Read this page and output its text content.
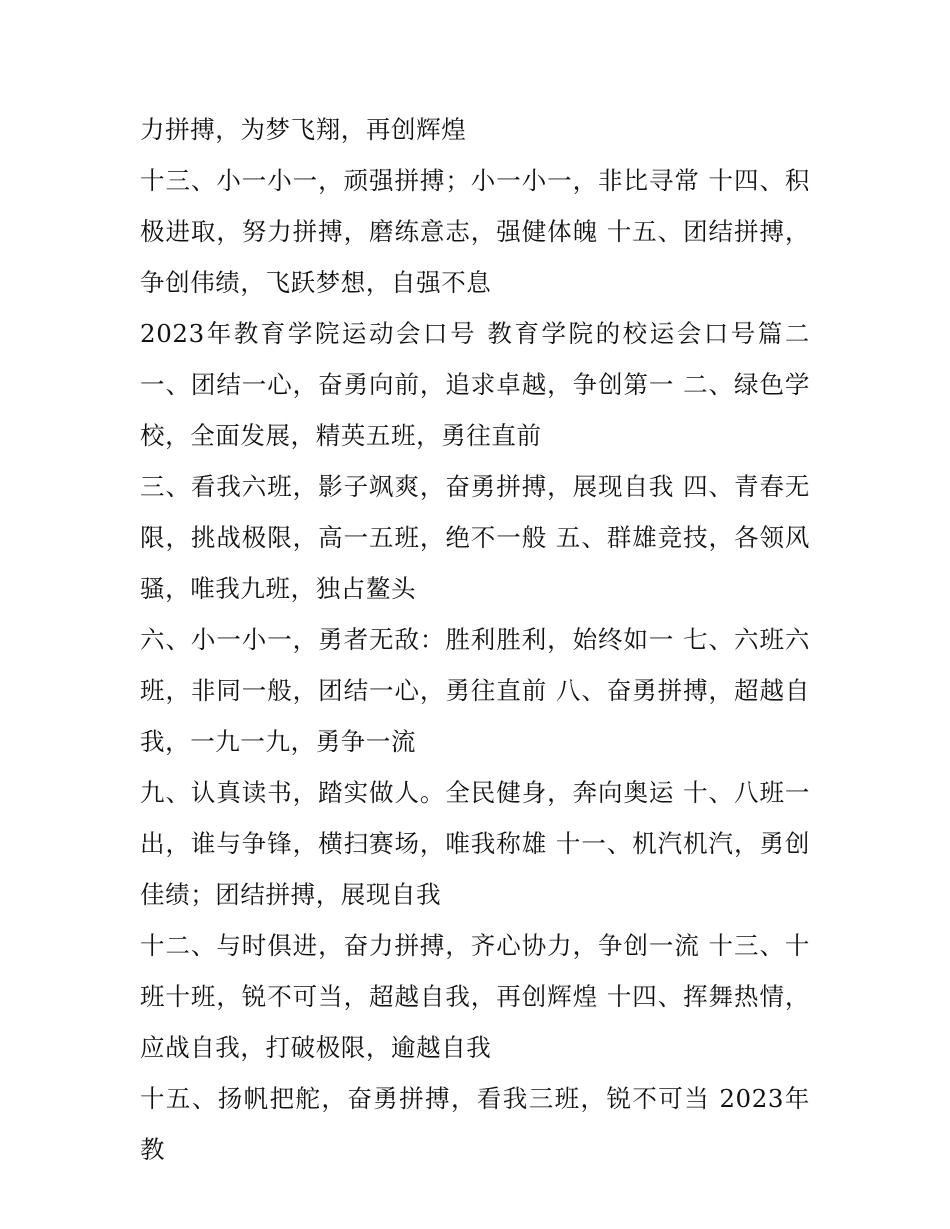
力拼搏，为梦飞翔，再创辉煌

十三、小一小一，顽强拼搏；小一小一，非比寻常 十四、积极进取，努力拼搏，磨练意志，强健体魄 十五、团结拼搏，争创伟绩，飞跃梦想，自强不息

2023年教育学院运动会口号 教育学院的校运会口号篇二 一、团结一心，奋勇向前，追求卓越，争创第一 二、绿色学校，全面发展，精英五班，勇往直前

三、看我六班，影子飒爽，奋勇拼搏，展现自我 四、青春无限，挑战极限，高一五班，绝不一般 五、群雄竞技，各领风骚，唯我九班，独占鳌头

六、小一小一，勇者无敌：胜利胜利，始终如一 七、六班六班，非同一般，团结一心，勇往直前 八、奋勇拼搏，超越自我，一九一九，勇争一流

九、认真读书，踏实做人。全民健身，奔向奥运 十、八班一出，谁与争锋，横扫赛场，唯我称雄 十一、机汽机汽，勇创佳绩；团结拼搏，展现自我

十二、与时俱进，奋力拼搏，齐心协力，争创一流 十三、十班十班，锐不可当，超越自我，再创辉煌 十四、挥舞热情，应战自我，打破极限，逾越自我

十五、扬帆把舵，奋勇拼搏，看我三班，锐不可当 2023年教
